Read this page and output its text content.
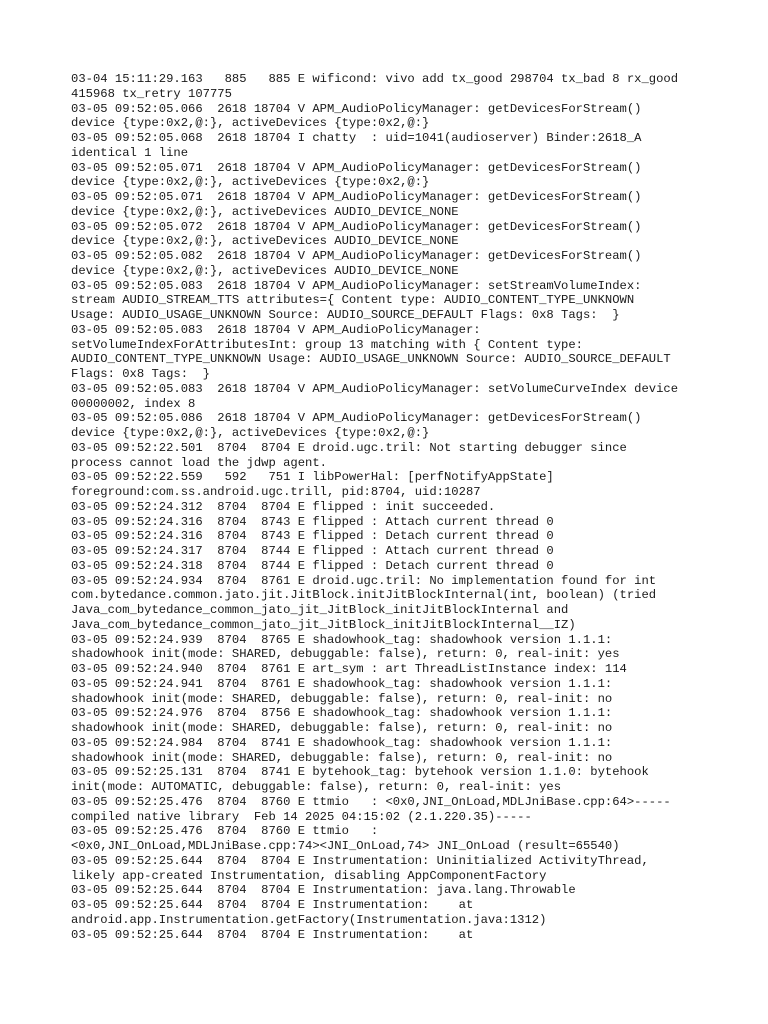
03-04 15:11:29.163   885   885 E wificond: vivo add tx_good 298704 tx_bad 8 rx_good
415968 tx_retry 107775
03-05 09:52:05.066  2618 18704 V APM_AudioPolicyManager: getDevicesForStream()
device {type:0x2,@:}, activeDevices {type:0x2,@:}
03-05 09:52:05.068  2618 18704 I chatty  : uid=1041(audioserver) Binder:2618_A
identical 1 line
03-05 09:52:05.071  2618 18704 V APM_AudioPolicyManager: getDevicesForStream()
device {type:0x2,@:}, activeDevices {type:0x2,@:}
03-05 09:52:05.071  2618 18704 V APM_AudioPolicyManager: getDevicesForStream()
device {type:0x2,@:}, activeDevices AUDIO_DEVICE_NONE
03-05 09:52:05.072  2618 18704 V APM_AudioPolicyManager: getDevicesForStream()
device {type:0x2,@:}, activeDevices AUDIO_DEVICE_NONE
03-05 09:52:05.082  2618 18704 V APM_AudioPolicyManager: getDevicesForStream()
device {type:0x2,@:}, activeDevices AUDIO_DEVICE_NONE
03-05 09:52:05.083  2618 18704 V APM_AudioPolicyManager: setStreamVolumeIndex:
stream AUDIO_STREAM_TTS attributes={ Content type: AUDIO_CONTENT_TYPE_UNKNOWN
Usage: AUDIO_USAGE_UNKNOWN Source: AUDIO_SOURCE_DEFAULT Flags: 0x8 Tags:  }
03-05 09:52:05.083  2618 18704 V APM_AudioPolicyManager:
setVolumeIndexForAttributesInt: group 13 matching with { Content type:
AUDIO_CONTENT_TYPE_UNKNOWN Usage: AUDIO_USAGE_UNKNOWN Source: AUDIO_SOURCE_DEFAULT
Flags: 0x8 Tags:  }
03-05 09:52:05.083  2618 18704 V APM_AudioPolicyManager: setVolumeCurveIndex device
00000002, index 8
03-05 09:52:05.086  2618 18704 V APM_AudioPolicyManager: getDevicesForStream()
device {type:0x2,@:}, activeDevices {type:0x2,@:}
03-05 09:52:22.501  8704  8704 E droid.ugc.tril: Not starting debugger since
process cannot load the jdwp agent.
03-05 09:52:22.559   592   751 I libPowerHal: [perfNotifyAppState]
foreground:com.ss.android.ugc.trill, pid:8704, uid:10287
03-05 09:52:24.312  8704  8704 E flipped : init succeeded.
03-05 09:52:24.316  8704  8743 E flipped : Attach current thread 0
03-05 09:52:24.316  8704  8743 E flipped : Detach current thread 0
03-05 09:52:24.317  8704  8744 E flipped : Attach current thread 0
03-05 09:52:24.318  8704  8744 E flipped : Detach current thread 0
03-05 09:52:24.934  8704  8761 E droid.ugc.tril: No implementation found for int
com.bytedance.common.jato.jit.JitBlock.initJitBlockInternal(int, boolean) (tried
Java_com_bytedance_common_jato_jit_JitBlock_initJitBlockInternal and
Java_com_bytedance_common_jato_jit_JitBlock_initJitBlockInternal__IZ)
03-05 09:52:24.939  8704  8765 E shadowhook_tag: shadowhook version 1.1.1:
shadowhook init(mode: SHARED, debuggable: false), return: 0, real-init: yes
03-05 09:52:24.940  8704  8761 E art_sym : art ThreadListInstance index: 114
03-05 09:52:24.941  8704  8761 E shadowhook_tag: shadowhook version 1.1.1:
shadowhook init(mode: SHARED, debuggable: false), return: 0, real-init: no
03-05 09:52:24.976  8704  8756 E shadowhook_tag: shadowhook version 1.1.1:
shadowhook init(mode: SHARED, debuggable: false), return: 0, real-init: no
03-05 09:52:24.984  8704  8741 E shadowhook_tag: shadowhook version 1.1.1:
shadowhook init(mode: SHARED, debuggable: false), return: 0, real-init: no
03-05 09:52:25.131  8704  8741 E bytehook_tag: bytehook version 1.1.0: bytehook
init(mode: AUTOMATIC, debuggable: false), return: 0, real-init: yes
03-05 09:52:25.476  8704  8760 E ttmio   : <0x0,JNI_OnLoad,MDLJniBase.cpp:64>-----
compiled native library  Feb 14 2025 04:15:02 (2.1.220.35)-----
03-05 09:52:25.476  8704  8760 E ttmio   :
<0x0,JNI_OnLoad,MDLJniBase.cpp:74><JNI_OnLoad,74> JNI_OnLoad (result=65540)
03-05 09:52:25.644  8704  8704 E Instrumentation: Uninitialized ActivityThread,
likely app-created Instrumentation, disabling AppComponentFactory
03-05 09:52:25.644  8704  8704 E Instrumentation: java.lang.Throwable
03-05 09:52:25.644  8704  8704 E Instrumentation:    at
android.app.Instrumentation.getFactory(Instrumentation.java:1312)
03-05 09:52:25.644  8704  8704 E Instrumentation:    at
